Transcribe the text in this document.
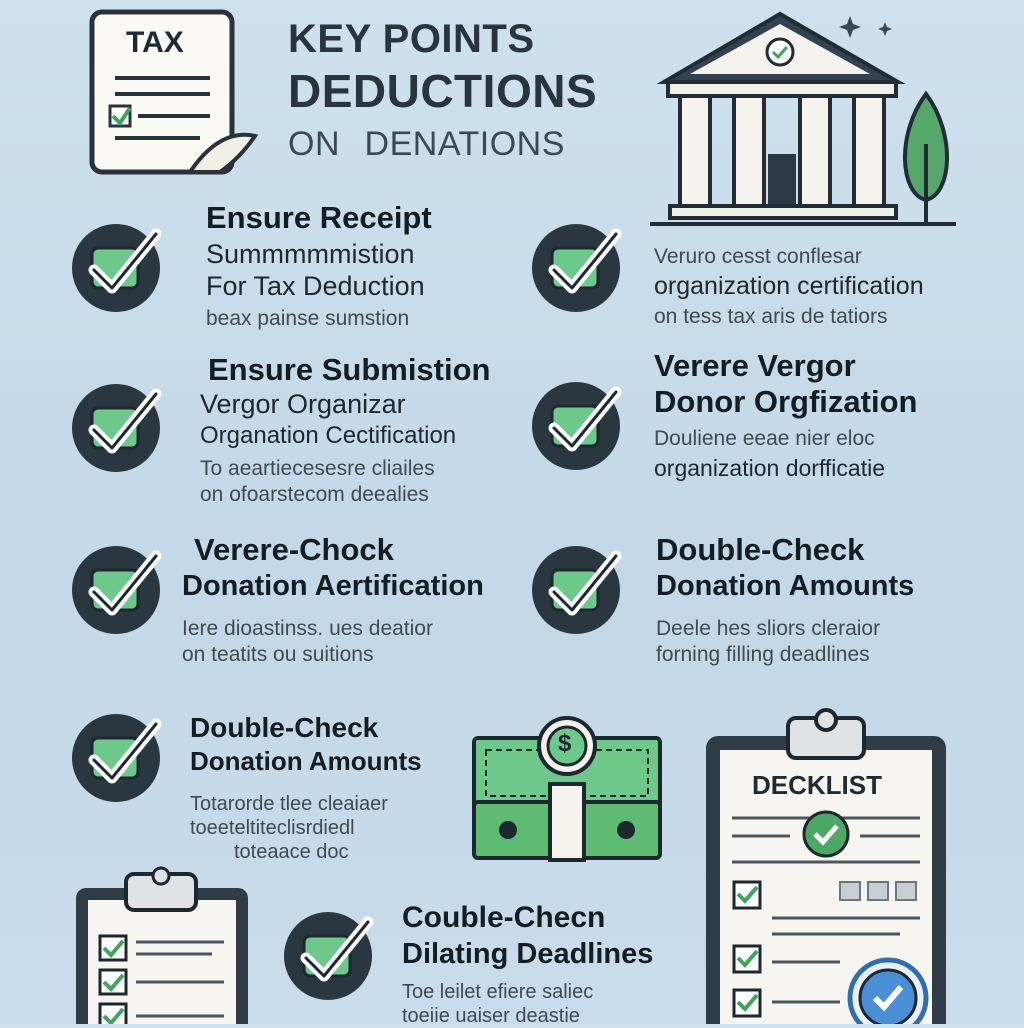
TAX	KEY POINTS
DEDUCTIONS
ON   DENATIONS
Ensure Receipt
Summmmmistion
For Tax Deduction
beax painse sumstion
Veruro cesst conflesar
organization certification
on tess tax aris de tatiors
Ensure Submistion
Vergor Organizar
Organation Cectification
To aeartiecesesre cliailes
on ofoarstecom deealies
Verere Vergor
Donor Orgfization
Douliene eeae nier eloc
organization dorfficatie
Verere-Chock
Donation Aertification
Iere dioastinss. ues deatior
on teatits ou suitions
Double-Check
Donation Amounts
Deele hes sliors cleraior
forning filling deadlines
Double-Check
Donation Amounts
Totarorde tlee cleaiaer
toeeteltiteclisrdiedl
toteaace doc
$
DECKLIST
Couble-Checn
Dilating Deadlines
Toe leilet efiere saliec
toeiie uaiser deastie
